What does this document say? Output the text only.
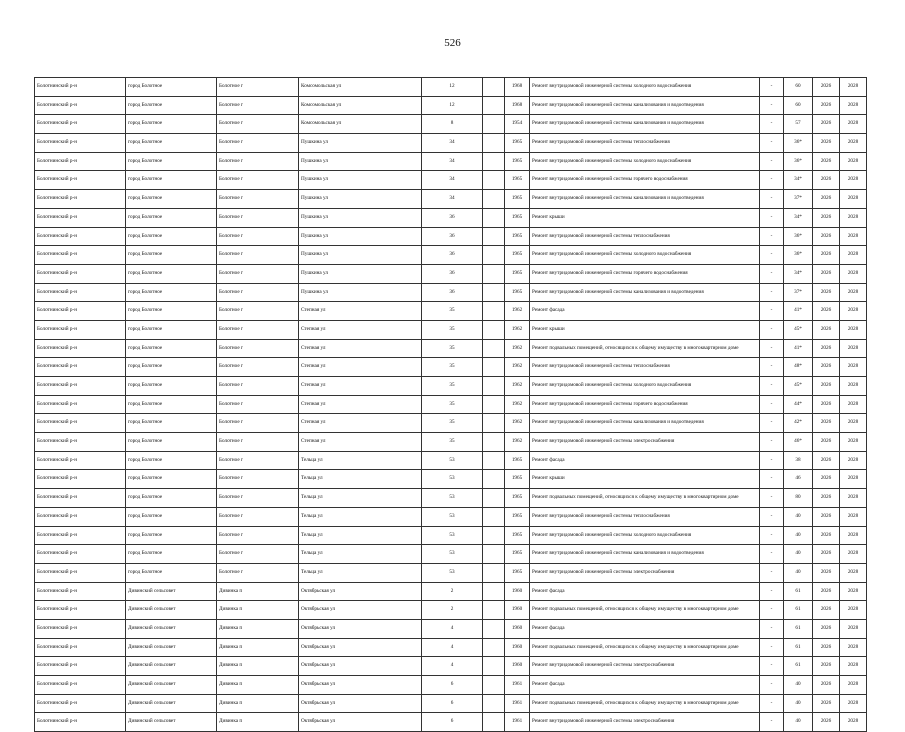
526
Болотнинский р-н	город Болотное	Болотное г	Комсомольская ул	12		1968	Ремонт внутридомовой инженерной системы холодного водоснабжения	-	60	2026	2028
Болотнинский р-н	город Болотное	Болотное г	Комсомольская ул	12		1968	Ремонт внутридомовой инженерной системы канализования и водоотведения	-	60	2026	2028
Болотнинский р-н	город Болотное	Болотное г	Комсомольская ул	8		1954	Ремонт внутридомовой инженерной системы канализования и водоотведения	-	57	2026	2028
Болотнинский р-н	город Болотное	Болотное г	Пушкина ул	34		1965	Ремонт внутридомовой инженерной системы теплоснабжения	-	36*	2026	2028
Болотнинский р-н	город Болотное	Болотное г	Пушкина ул	34		1965	Ремонт внутридомовой инженерной системы холодного водоснабжения	-	36*	2026	2028
Болотнинский р-н	город Болотное	Болотное г	Пушкина ул	34		1965	Ремонт внутридомовой инженерной системы горячего водоснабжения	-	34*	2026	2028
Болотнинский р-н	город Болотное	Болотное г	Пушкина ул	34		1965	Ремонт внутридомовой инженерной системы канализования и водоотведения	-	37*	2026	2028
Болотнинский р-н	город Болотное	Болотное г	Пушкина ул	36		1965	Ремонт крыши	-	34*	2026	2028
Болотнинский р-н	город Болотное	Болотное г	Пушкина ул	36		1965	Ремонт внутридомовой инженерной системы теплоснабжения	-	36*	2026	2028
Болотнинский р-н	город Болотное	Болотное г	Пушкина ул	36		1965	Ремонт внутридомовой инженерной системы холодного водоснабжения	-	36*	2026	2028
Болотнинский р-н	город Болотное	Болотное г	Пушкина ул	36		1965	Ремонт внутридомовой инженерной системы горячего водоснабжения	-	34*	2026	2028
Болотнинский р-н	город Болотное	Болотное г	Пушкина ул	36		1965	Ремонт внутридомовой инженерной системы канализования и водоотведения	-	37*	2026	2028
Болотнинский р-н	город Болотное	Болотное г	Степная ул	35		1962	Ремонт фасада	-	41*	2026	2028
Болотнинский р-н	город Болотное	Болотное г	Степная ул	35		1962	Ремонт крыши	-	45*	2026	2028
Болотнинский р-н	город Болотное	Болотное г	Степная ул	35		1962	Ремонт подвальных помещений, относящихся к общему имуществу в многоквартирном доме	-	41*	2026	2028
Болотнинский р-н	город Болотное	Болотное г	Степная ул	35		1962	Ремонт внутридомовой инженерной системы теплоснабжения	-	48*	2026	2028
Болотнинский р-н	город Болотное	Болотное г	Степная ул	35		1962	Ремонт внутридомовой инженерной системы холодного водоснабжения	-	45*	2026	2028
Болотнинский р-н	город Болотное	Болотное г	Степная ул	35		1962	Ремонт внутридомовой инженерной системы горячего водоснабжения	-	44*	2026	2028
Болотнинский р-н	город Болотное	Болотное г	Степная ул	35		1962	Ремонт внутридомовой инженерной системы канализования и водоотведения	-	42*	2026	2028
Болотнинский р-н	город Болотное	Болотное г	Степная ул	35		1962	Ремонт внутридомовой инженерной системы электроснабжения	-	46*	2026	2028
Болотнинский р-н	город Болотное	Болотное г	Тельца ул	53		1965	Ремонт фасада	-	38	2026	2028
Болотнинский р-н	город Болотное	Болотное г	Тельца ул	53		1965	Ремонт крыши	-	46	2026	2028
Болотнинский р-н	город Болотное	Болотное г	Тельца ул	53		1965	Ремонт подвальных помещений, относящихся к общему имуществу в многоквартирном доме	-	80	2026	2028
Болотнинский р-н	город Болотное	Болотное г	Тельца ул	53		1965	Ремонт внутридомовой инженерной системы теплоснабжения	-	40	2026	2028
Болотнинский р-н	город Болотное	Болотное г	Тельца ул	53		1965	Ремонт внутридомовой инженерной системы холодного водоснабжения	-	40	2026	2028
Болотнинский р-н	город Болотное	Болотное г	Тельца ул	53		1965	Ремонт внутридомовой инженерной системы канализования и водоотведения	-	40	2026	2028
Болотнинский р-н	город Болотное	Болотное г	Тельца ул	53		1965	Ремонт внутридомовой инженерной системы электроснабжения	-	40	2026	2028
Болотнинский р-н	Дивинский сельсовет	Дивинка п	Октябрьская ул	2		1960	Ремонт фасада	-	61	2026	2028
Болотнинский р-н	Дивинский сельсовет	Дивинка п	Октябрьская ул	2		1960	Ремонт подвальных помещений, относящихся к общему имуществу в многоквартирном доме	-	61	2026	2028
Болотнинский р-н	Дивинский сельсовет	Дивинка п	Октябрьская ул	4		1960	Ремонт фасада	-	61	2026	2028
Болотнинский р-н	Дивинский сельсовет	Дивинка п	Октябрьская ул	4		1960	Ремонт подвальных помещений, относящихся к общему имуществу в многоквартирном доме	-	61	2026	2028
Болотнинский р-н	Дивинский сельсовет	Дивинка п	Октябрьская ул	4		1960	Ремонт внутридомовой инженерной системы электроснабжения	-	61	2026	2028
Болотнинский р-н	Дивинский сельсовет	Дивинка п	Октябрьская ул	6		1961	Ремонт фасада	-	40	2026	2028
Болотнинский р-н	Дивинский сельсовет	Дивинка п	Октябрьская ул	6		1961	Ремонт подвальных помещений, относящихся к общему имуществу в многоквартирном доме	-	40	2026	2028
Болотнинский р-н	Дивинский сельсовет	Дивинка п	Октябрьская ул	6		1961	Ремонт внутридомовой инженерной системы электроснабжения	-	40	2026	2028
